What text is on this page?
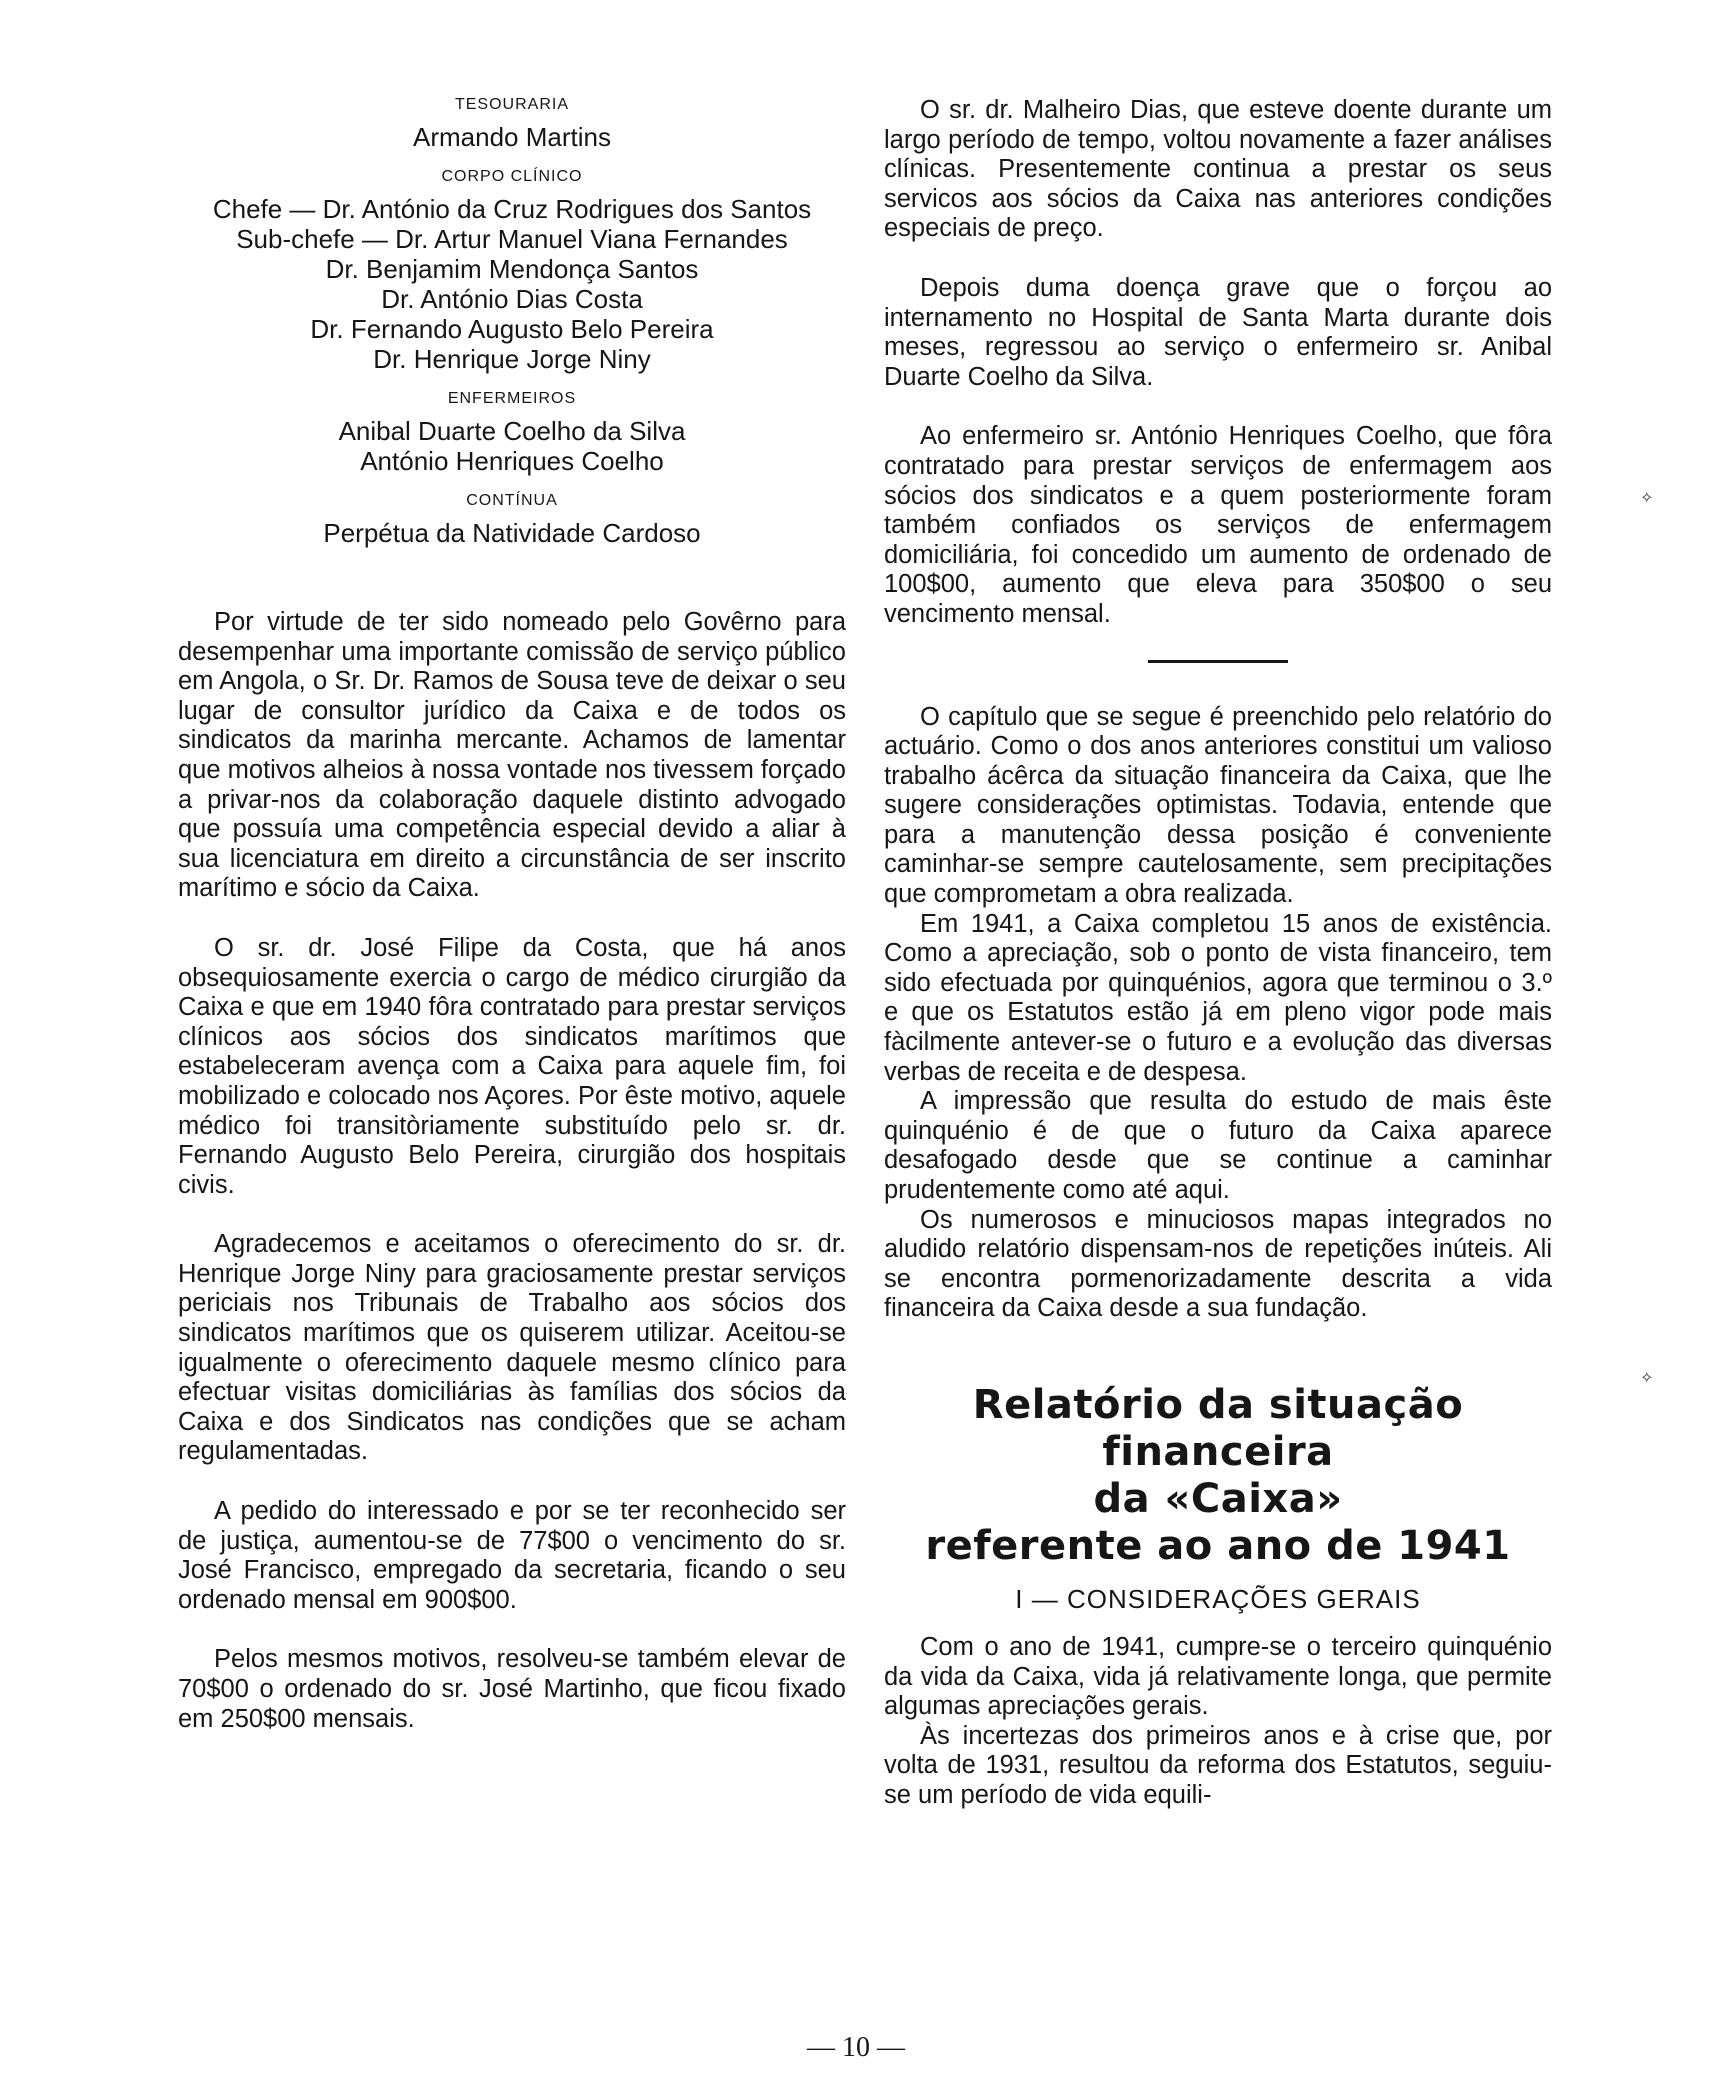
TESOURARIA

Armando Martins

CORPO CLÍNICO

Chefe — Dr. António da Cruz Rodrigues dos Santos

Sub-chefe — Dr. Artur Manuel Viana Fernandes

Dr. Benjamim Mendonça Santos

Dr. António Dias Costa

Dr. Fernando Augusto Belo Pereira

Dr. Henrique Jorge Niny

ENFERMEIROS

Anibal Duarte Coelho da Silva

António Henriques Coelho

CONTÍNUA

Perpétua da Natividade Cardoso

Por virtude de ter sido nomeado pelo Govêrno para desempenhar uma importante comissão de serviço público em Angola, o Sr. Dr. Ramos de Sousa teve de deixar o seu lugar de consultor jurídico da Caixa e de todos os sindicatos da marinha mercante. Achamos de lamentar que motivos alheios à nossa vontade nos tivessem forçado a privar-nos da colaboração daquele distinto advogado que possuía uma competência especial devido a aliar à sua licenciatura em direito a circunstância de ser inscrito marítimo e sócio da Caixa.

O sr. dr. José Filipe da Costa, que há anos obsequiosamente exercia o cargo de médico cirurgião da Caixa e que em 1940 fôra contratado para prestar serviços clínicos aos sócios dos sindicatos marítimos que estabeleceram avença com a Caixa para aquele fim, foi mobilizado e colocado nos Açores. Por êste motivo, aquele médico foi transitòriamente substituído pelo sr. dr. Fernando Augusto Belo Pereira, cirurgião dos hospitais civis.

Agradecemos e aceitamos o oferecimento do sr. dr. Henrique Jorge Niny para graciosamente prestar serviços periciais nos Tribunais de Trabalho aos sócios dos sindicatos marítimos que os quiserem utilizar. Aceitou-se igualmente o oferecimento daquele mesmo clínico para efectuar visitas domiciliárias às famílias dos sócios da Caixa e dos Sindicatos nas condições que se acham regulamentadas.

A pedido do interessado e por se ter reconhecido ser de justiça, aumentou-se de 77$00 o vencimento do sr. José Francisco, empregado da secretaria, ficando o seu ordenado mensal em 900$00.

Pelos mesmos motivos, resolveu-se também elevar de 70$00 o ordenado do sr. José Martinho, que ficou fixado em 250$00 mensais.

O sr. dr. Malheiro Dias, que esteve doente durante um largo período de tempo, voltou novamente a fazer análises clínicas. Presentemente continua a prestar os seus servicos aos sócios da Caixa nas anteriores condições especiais de preço.

Depois duma doença grave que o forçou ao internamento no Hospital de Santa Marta durante dois meses, regressou ao serviço o enfermeiro sr. Anibal Duarte Coelho da Silva.

Ao enfermeiro sr. António Henriques Coelho, que fôra contratado para prestar serviços de enfermagem aos sócios dos sindicatos e a quem posteriormente foram também confiados os serviços de enfermagem domiciliária, foi concedido um aumento de ordenado de 100$00, aumento que eleva para 350$00 o seu vencimento mensal.

O capítulo que se segue é preenchido pelo relatório do actuário. Como o dos anos anteriores constitui um valioso trabalho ácêrca da situação financeira da Caixa, que lhe sugere considerações optimistas. Todavia, entende que para a manutenção dessa posição é conveniente caminhar-se sempre cautelosamente, sem precipitações que comprometam a obra realizada.

Em 1941, a Caixa completou 15 anos de existência. Como a apreciação, sob o ponto de vista financeiro, tem sido efectuada por quinquénios, agora que terminou o 3.º e que os Estatutos estão já em pleno vigor pode mais fàcilmente antever-se o futuro e a evolução das diversas verbas de receita e de despesa.

A impressão que resulta do estudo de mais êste quinquénio é de que o futuro da Caixa aparece desafogado desde que se continue a caminhar prudentemente como até aqui.

Os numerosos e minuciosos mapas integrados no aludido relatório dispensam-nos de repetições inúteis. Ali se encontra pormenorizadamente descrita a vida financeira da Caixa desde a sua fundação.

Relatório da situação financeira
da «Caixa»
referente ao ano de 1941

I — CONSIDERAÇÕES GERAIS

Com o ano de 1941, cumpre-se o terceiro quinquénio da vida da Caixa, vida já relativamente longa, que permite algumas apreciações gerais.

Às incertezas dos primeiros anos e à crise que, por volta de 1931, resultou da reforma dos Estatutos, seguiu-se um período de vida equili-

✧
✧
— 10 —
